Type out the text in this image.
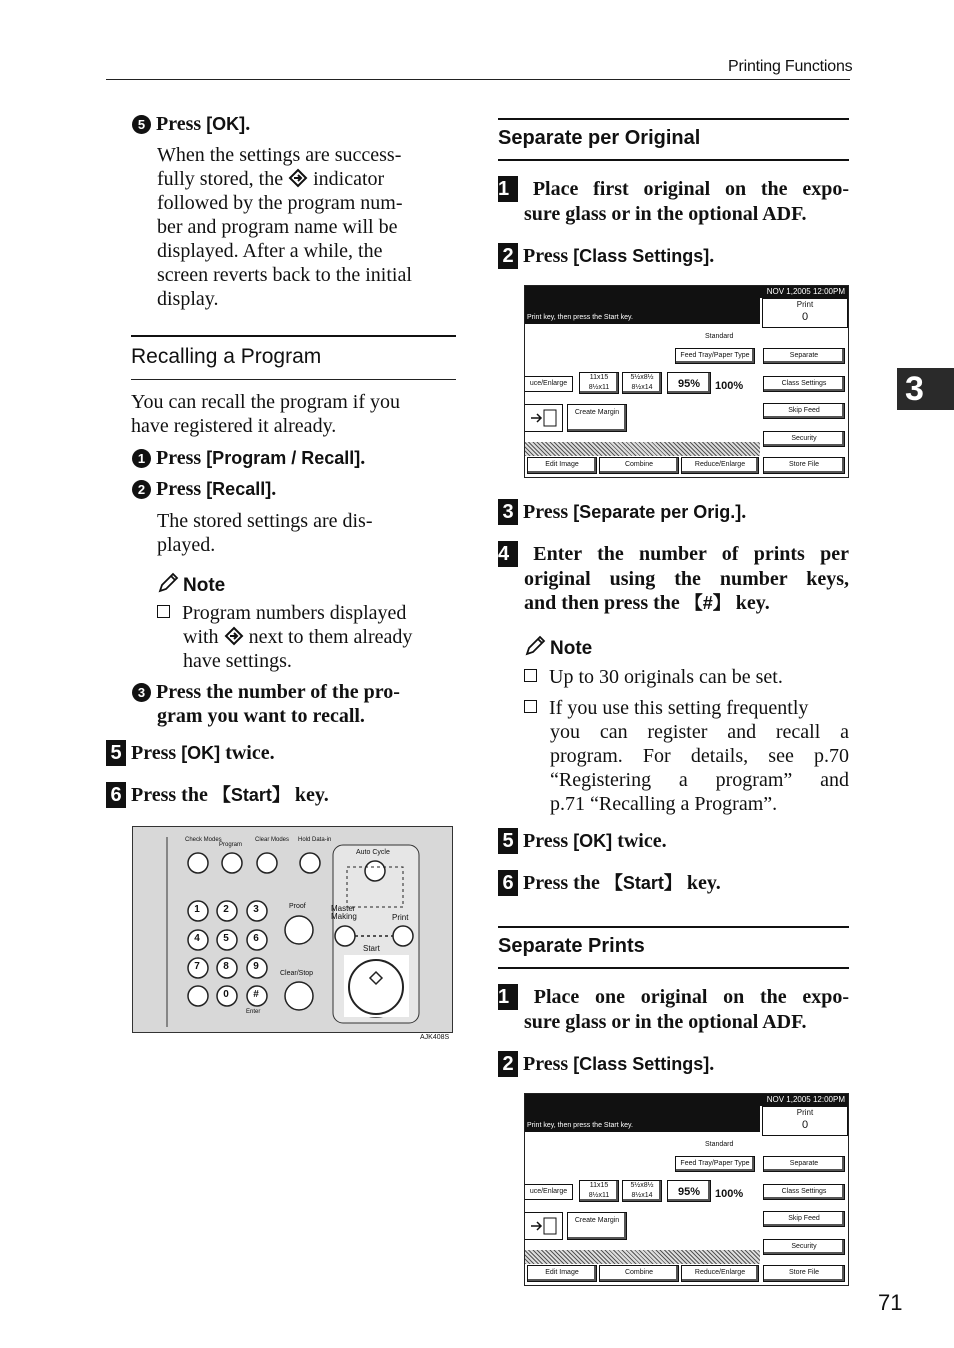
Printing Functions
3
5 Press [OK].
When the settings are success-
fully stored, the  indicator
followed by the program num-
ber and program name will be
displayed. After a while, the
screen reverts back to the initial
display.
Recalling a Program
You can recall the program if you
have registered it already.
1 Press [Program / Recall].
2 Press [Recall].
The stored settings are dis-
played.
Note
Program numbers displayed
with  next to them already
have settings.
3 Press the number of the pro-
gram you want to recall.
5 Press [OK] twice.
6 Press the 【Start】 key.
Check Modes
Program
Clear Modes Hold Data-in
Auto Cycle
Proof	Master Making	Print
Start
Clear/Stop
Enter
AJK408S
Separate per Original
1 Place first original on the expo-
sure glass or in the optional ADF.
2 Press [Class Settings].
NOV 1,2005 12:00PM
Print key, then press the Start key.
Print
0
Standard
Feed Tray/Paper Type	Separate
uce/Enlarge
11x15 8½x11
5½x8½ 8½x14	95%	100%	Class Settings
Create Margin	Skip Feed
Security
Edit Image	Combine	Reduce/Enlarge	Store File
3 Press [Separate per Orig.].
4 Enter the number of prints per
original using the number keys,
and then press the 【#】 key.
Note
Up to 30 originals can be set.
If you use this setting frequently
you can register and recall a
program. For details, see p.70
“Registering a program” and
p.71 “Recalling a Program”.
5 Press [OK] twice.
6 Press the 【Start】 key.
Separate Prints
1 Place one original on the expo-
sure glass or in the optional ADF.
2 Press [Class Settings].
NOV 1,2005 12:00PM
Print key, then press the Start key.
Print
0
Standard
Feed Tray/Paper Type	Separate
uce/Enlarge
11x15 8½x11
5½x8½ 8½x14	95%	100%	Class Settings
Create Margin	Skip Feed
Security
Edit Image	Combine	Reduce/Enlarge	Store File
71
1	2	3
4	5	6
7	8	9
0	#
